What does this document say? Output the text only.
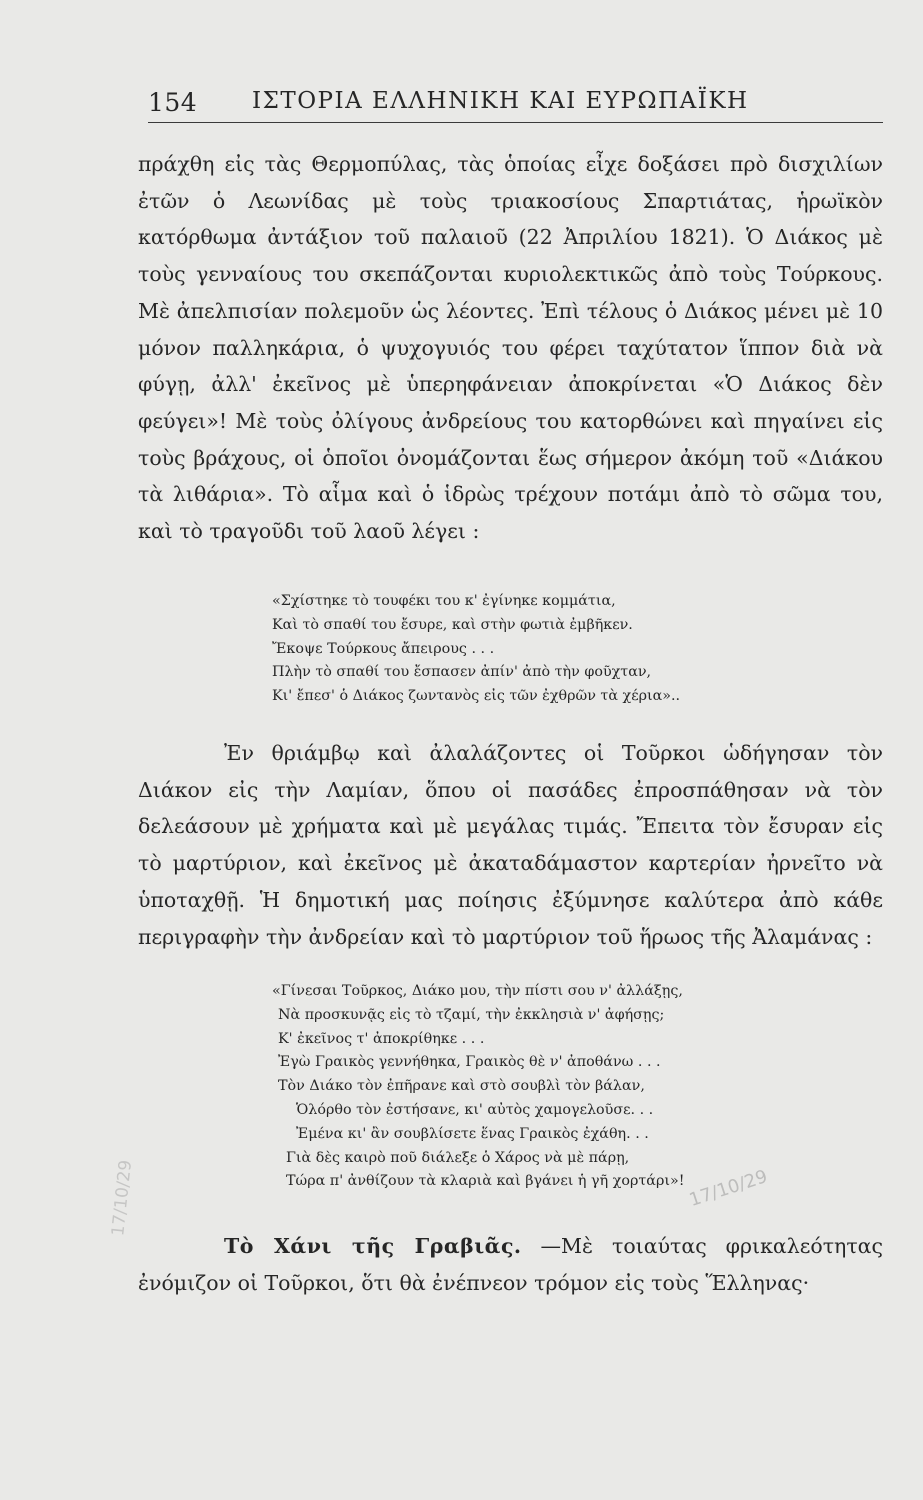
154 ΙΣΤΟΡΙΑ ΕΛΛΗΝΙΚΗ ΚΑΙ ΕΥΡΩΠΑΪΚΗ

πράχθη εἰς τὰς Θερμοπύλας, τὰς ὁποίας εἶχε δοξάσει πρὸ δισχιλίων ἐτῶν ὁ Λεωνίδας μὲ τοὺς τριακοσίους Σπαρτιάτας, ἡρωϊκὸν κατόρθωμα ἀντάξιον τοῦ παλαιοῦ (22 Ἀπριλίου 1821). Ὁ Διάκος μὲ τοὺς γενναίους του σκεπάζονται κυριολεκτικῶς ἀπὸ τοὺς Τούρκους. Μὲ ἀπελπισίαν πολεμοῦν ὡς λέοντες. Ἐπὶ τέλους ὁ Διάκος μένει μὲ 10 μόνον παλληκάρια, ὁ ψυχογυιός του φέρει ταχύτατον ἵππον διὰ νὰ φύγῃ, ἀλλ' ἐκεῖνος μὲ ὑπερηφάνειαν ἀποκρίνεται «Ὁ Διάκος δὲν φεύγει»! Μὲ τοὺς ὀλίγους ἀνδρείους του κατορθώνει καὶ πηγαίνει εἰς τοὺς βράχους, οἱ ὁποῖοι ὀνομάζονται ἕως σήμερον ἀκόμη τοῦ «Διάκου τὰ λιθάρια». Τὸ αἷμα καὶ ὁ ἱδρὼς τρέχουν ποτάμι ἀπὸ τὸ σῶμα του, καὶ τὸ τραγοῦδι τοῦ λαοῦ λέγει :

«Σχίστηκε τὸ τουφέκι του κ' ἐγίνηκε κομμάτια,
Καὶ τὸ σπαθί του ἔσυρε, καὶ στὴν φωτιὰ ἐμβῆκεν.
Ἔκοψε Τούρκους ἄπειρους . . .
Πλὴν τὸ σπαθί του ἔσπασεν ἀπίν' ἀπὸ τὴν φοῦχταν,
Κι' ἔπεσ' ὁ Διάκος ζωντανὸς εἰς τῶν ἐχθρῶν τὰ χέρια»..

Ἐν θριάμβῳ καὶ ἀλαλάζοντες οἱ Τοῦρκοι ὡδήγησαν τὸν Διάκον εἰς τὴν Λαμίαν, ὅπου οἱ πασάδες ἐπροσπάθησαν νὰ τὸν δελεάσουν μὲ χρήματα καὶ μὲ μεγάλας τιμάς. Ἔπειτα τὸν ἔσυραν εἰς τὸ μαρτύριον, καὶ ἐκεῖνος μὲ ἀκαταδάμαστον καρτερίαν ἠρνεῖτο νὰ ὑποταχθῇ. Ἡ δημοτική μας ποίησις ἐξύμνησε καλύτερα ἀπὸ κάθε περιγραφὴν τὴν ἀνδρείαν καὶ τὸ μαρτύριον τοῦ ἥρωος τῆς Ἀλαμάνας :

«Γίνεσαι Τοῦρκος, Διάκο μου, τὴν πίστι σου ν' ἀλλάξῃς,
Νὰ προσκυνᾷς εἰς τὸ τζαμί, τὴν ἐκκλησιὰ ν' ἀφήσῃς;
Κ' ἐκεῖνος τ' ἀποκρίθηκε . . .
Ἐγὼ Γραικὸς γεννήθηκα, Γραικὸς θὲ ν' ἀποθάνω . . .
Τὸν Διάκο τὸν ἐπῆρανε καὶ στὸ σουβλὶ τὸν βάλαν,
Ὁλόρθο τὸν ἐστήσανε, κι' αὐτὸς χαμογελοῦσε. . .
Ἐμένα κι' ἂν σουβλίσετε ἕνας Γραικὸς ἐχάθη. . .
Γιὰ δὲς καιρὸ ποῦ διάλεξε ὁ Χάρος νὰ μὲ πάρῃ,
Τώρα π' ἀνθίζουν τὰ κλαριὰ καὶ βγάνει ἡ γῆ χορτάρι»!

Τὸ Χάνι τῆς Γραβιᾶς. —Μὲ τοιαύτας φρικαλεότητας ἐνόμιζον οἱ Τοῦρκοι, ὅτι θὰ ἐνέπνεον τρόμον εἰς τοὺς Ἕλληνας·

17/10/29
17/10/29
